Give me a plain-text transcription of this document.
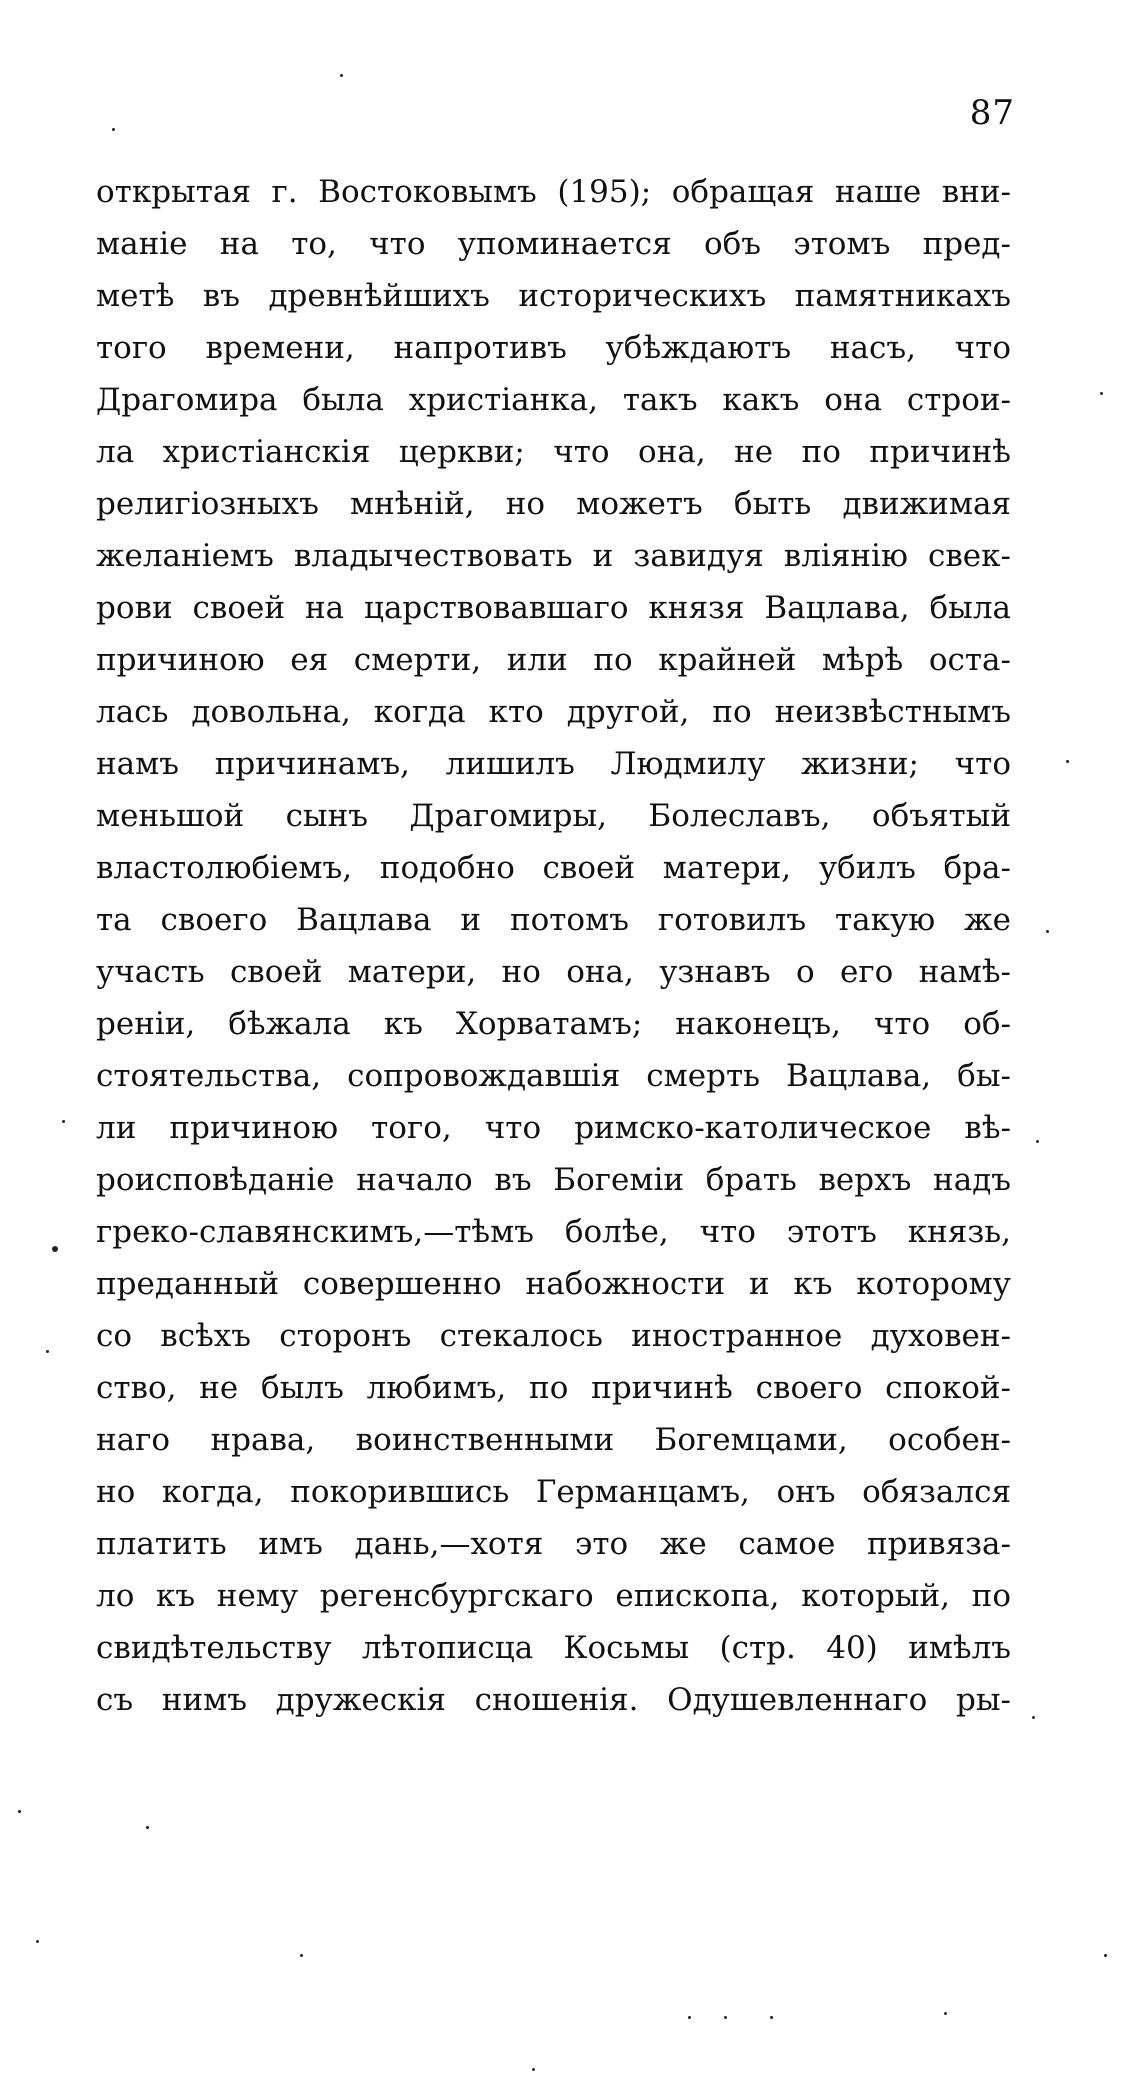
87
открытая г. Востоковымъ (195); обращая наше вни-
маніе на то, что упоминается объ этомъ пред-
метѣ въ древнѣйшихъ историческихъ памятникахъ
того времени, напротивъ убѣждаютъ насъ, что
Драгомира была христіанка, такъ какъ она строи-
ла христіанскія церкви; что она, не по причинѣ
религіозныхъ мнѣній, но можетъ быть движимая
желаніемъ владычествовать и завидуя вліянію свек-
рови своей на царствовавшаго князя Вацлава, была
причиною ея смерти, или по крайней мѣрѣ оста-
лась довольна, когда кто другой, по неизвѣстнымъ
намъ причинамъ, лишилъ Людмилу жизни; что
меньшой сынъ Драгомиры, Болеславъ, объятый
властолюбіемъ, подобно своей матери, убилъ бра-
та своего Вацлава и потомъ готовилъ такую же
участь своей матери, но она, узнавъ о его намѣ-
реніи, бѣжала къ Хорватамъ; наконецъ, что об-
стоятельства, сопровождавшія смерть Вацлава, бы-
ли причиною того, что римско-католическое вѣ-
роисповѣданіе начало въ Богеміи брать верхъ надъ
греко-славянскимъ,—тѣмъ болѣе, что этотъ князь,
преданный совершенно набожности и къ которому
со всѣхъ сторонъ стекалось иностранное духовен-
ство, не былъ любимъ, по причинѣ своего спокой-
наго нрава, воинственными Богемцами, особен-
но когда, покорившись Германцамъ, онъ обязался
платить имъ дань,—хотя это же самое привяза-
ло къ нему регенсбургскаго епископа, который, по
свидѣтельству лѣтописца Косьмы (стр. 40) имѣлъ
съ нимъ дружескія сношенія. Одушевленнаго ры-
